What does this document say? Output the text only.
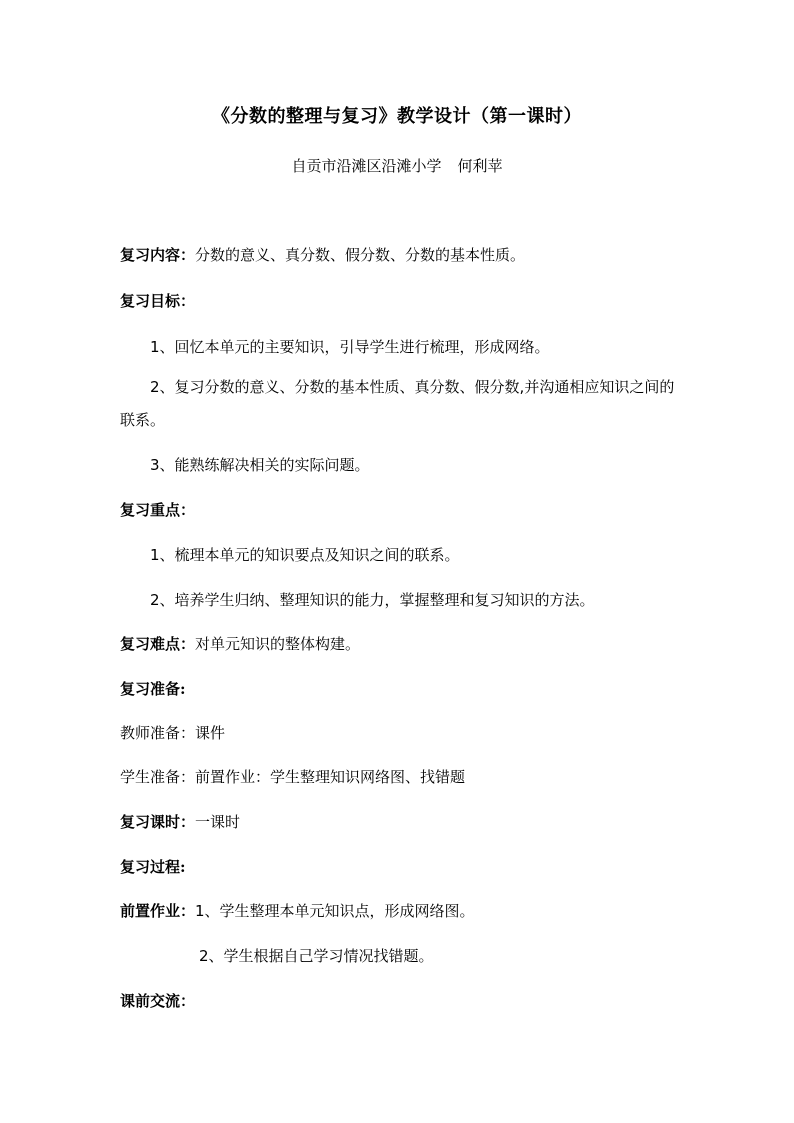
《分数的整理与复习》教学设计（第一课时）
自贡市沿滩区沿滩小学 何利苹
复习内容：分数的意义、真分数、假分数、分数的基本性质。
复习目标：
1、回忆本单元的主要知识，引导学生进行梳理，形成网络。
2、复习分数的意义、分数的基本性质、真分数、假分数,并沟通相应知识之间的联系。
3、能熟练解决相关的实际问题。
复习重点：
1、梳理本单元的知识要点及知识之间的联系。
2、培养学生归纳、整理知识的能力，掌握整理和复习知识的方法。
复习难点：对单元知识的整体构建。
复习准备:
教师准备：课件
学生准备：前置作业：学生整理知识网络图、找错题
复习课时：一课时
复习过程:
前置作业：1、学生整理本单元知识点，形成网络图。
2、学生根据自己学习情况找错题。
课前交流：
